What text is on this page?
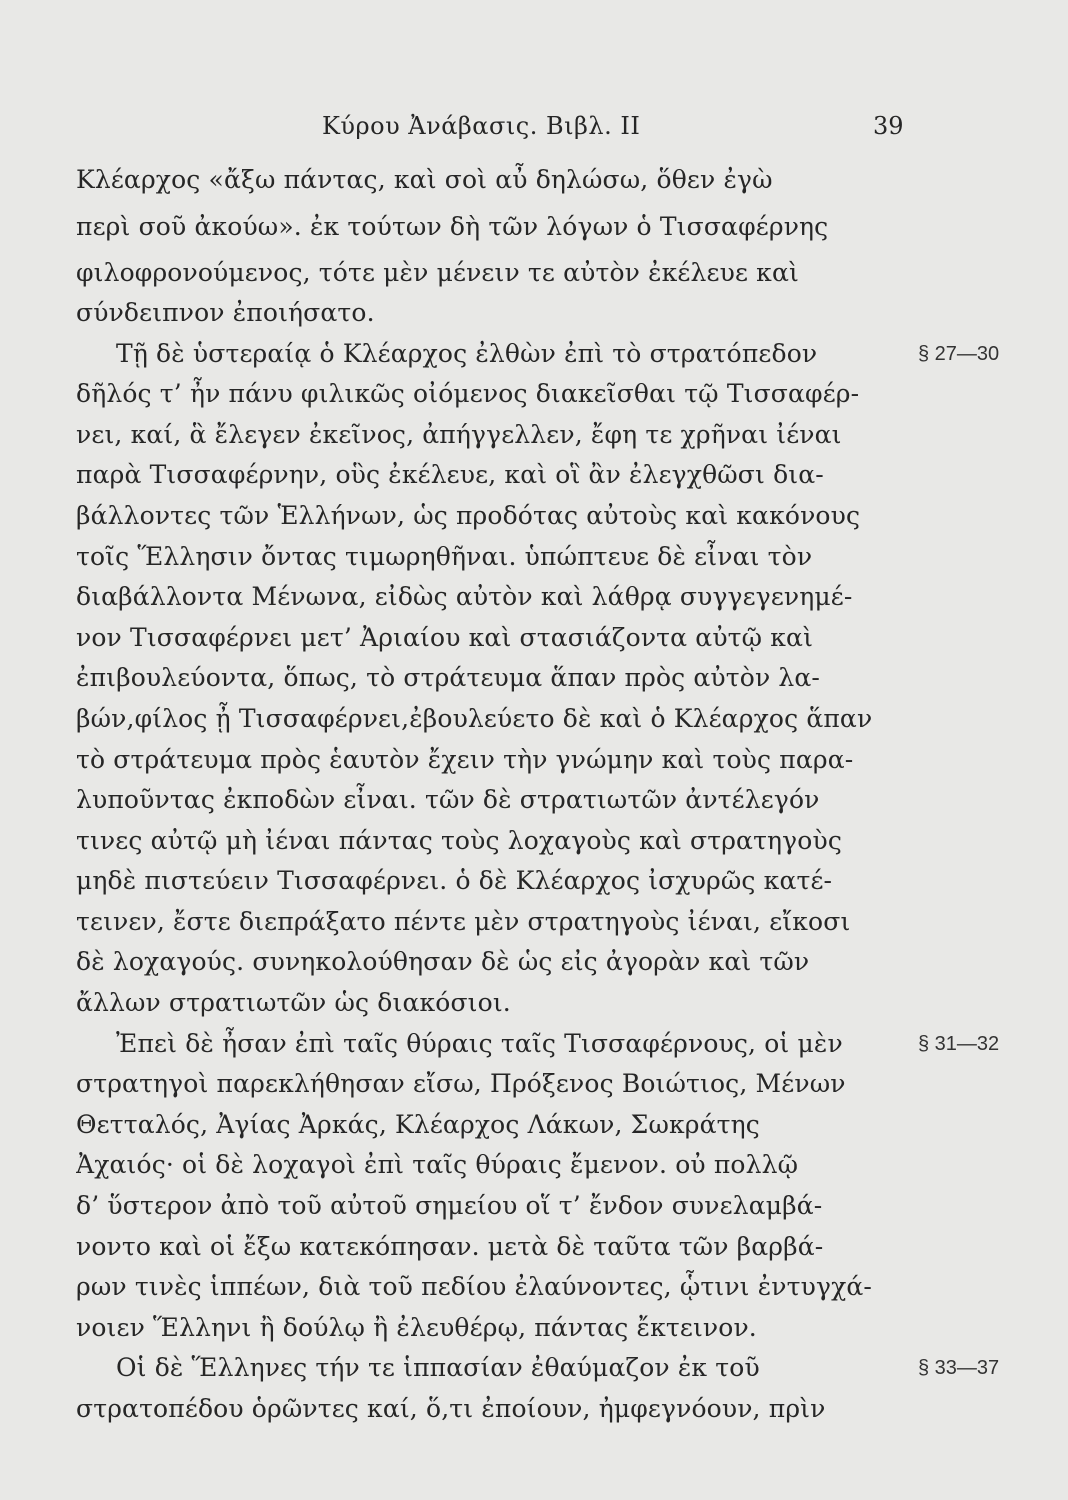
Κύρου Ἀνάβασις. Βιβλ. II	39
Κλέαρχος «ἄξω πάντας, καὶ σοὶ αὖ δηλώσω, ὅθεν ἐγὼ
περὶ σοῦ ἀκούω». ἐκ τούτων δὴ τῶν λόγων ὁ Τισσαφέρνης
φιλοφρονούμενος, τότε μὲν μένειν τε αὐτὸν ἐκέλευε καὶ
σύνδειπνον ἐποιήσατο.
Τῇ δὲ ὑστεραίᾳ ὁ Κλέαρχος ἐλθὼν ἐπὶ τὸ στρατόπεδον	§ 27—30
δῆλός τ’ ἦν πάνυ φιλικῶς οἰόμενος διακεῖσθαι τῷ Τισσαφέρ-
νει, καί, ἃ ἔλεγεν ἐκεῖνος, ἀπήγγελλεν, ἔφη τε χρῆναι ἰέναι
παρὰ Τισσαφέρνην, οὓς ἐκέλευε, καὶ οἳ ἂν ἐλεγχθῶσι δια-
βάλλοντες τῶν Ἑλλήνων, ὡς προδότας αὐτοὺς καὶ κακόνους
τοῖς Ἕλλησιν ὄντας τιμωρηθῆναι. ὑπώπτευε δὲ εἶναι τὸν
διαβάλλοντα Μένωνα, εἰδὼς αὐτὸν καὶ λάθρᾳ συγγεγενημέ-
νον Τισσαφέρνει μετ’ Ἀριαίου καὶ στασιάζοντα αὐτῷ καὶ
ἐπιβουλεύοντα, ὅπως, τὸ στράτευμα ἅπαν πρὸς αὐτὸν λα-
βών,φίλος ᾖ Τισσαφέρνει,ἐβουλεύετο δὲ καὶ ὁ Κλέαρχος ἅπαν
τὸ στράτευμα πρὸς ἑαυτὸν ἔχειν τὴν γνώμην καὶ τοὺς παρα-
λυποῦντας ἐκποδὼν εἶναι. τῶν δὲ στρατιωτῶν ἀντέλεγόν
τινες αὐτῷ μὴ ἰέναι πάντας τοὺς λοχαγοὺς καὶ στρατηγοὺς
μηδὲ πιστεύειν Τισσαφέρνει. ὁ δὲ Κλέαρχος ἰσχυρῶς κατέ-
τεινεν, ἔστε διεπράξατο πέντε μὲν στρατηγοὺς ἰέναι, εἴκοσι
δὲ λοχαγούς. συνηκολούθησαν δὲ ὡς εἰς ἀγορὰν καὶ τῶν
ἄλλων στρατιωτῶν ὡς διακόσιοι.
Ἐπεὶ δὲ ἦσαν ἐπὶ ταῖς θύραις ταῖς Τισσαφέρνους, οἱ μὲν	§ 31—32
στρατηγοὶ παρεκλήθησαν εἴσω, Πρόξενος Βοιώτιος, Μένων
Θετταλός, Ἀγίας Ἀρκάς, Κλέαρχος Λάκων, Σωκράτης
Ἀχαιός· οἱ δὲ λοχαγοὶ ἐπὶ ταῖς θύραις ἔμενον. οὐ πολλῷ
δ’ ὕστερον ἀπὸ τοῦ αὐτοῦ σημείου οἵ τ’ ἔνδον συνελαμβά-
νοντο καὶ οἱ ἔξω κατεκόπησαν. μετὰ δὲ ταῦτα τῶν βαρβά-
ρων τινὲς ἱππέων, διὰ τοῦ πεδίου ἐλαύνοντες, ᾧτινι ἐντυγχά-
νοιεν Ἕλληνι ἢ δούλῳ ἢ ἐλευθέρῳ, πάντας ἔκτεινον.
Οἱ δὲ Ἕλληνες τήν τε ἱππασίαν ἐθαύμαζον ἐκ τοῦ	§ 33—37
στρατοπέδου ὁρῶντες καί, ὅ,τι ἐποίουν, ἠμφεγνόουν, πρὶν
